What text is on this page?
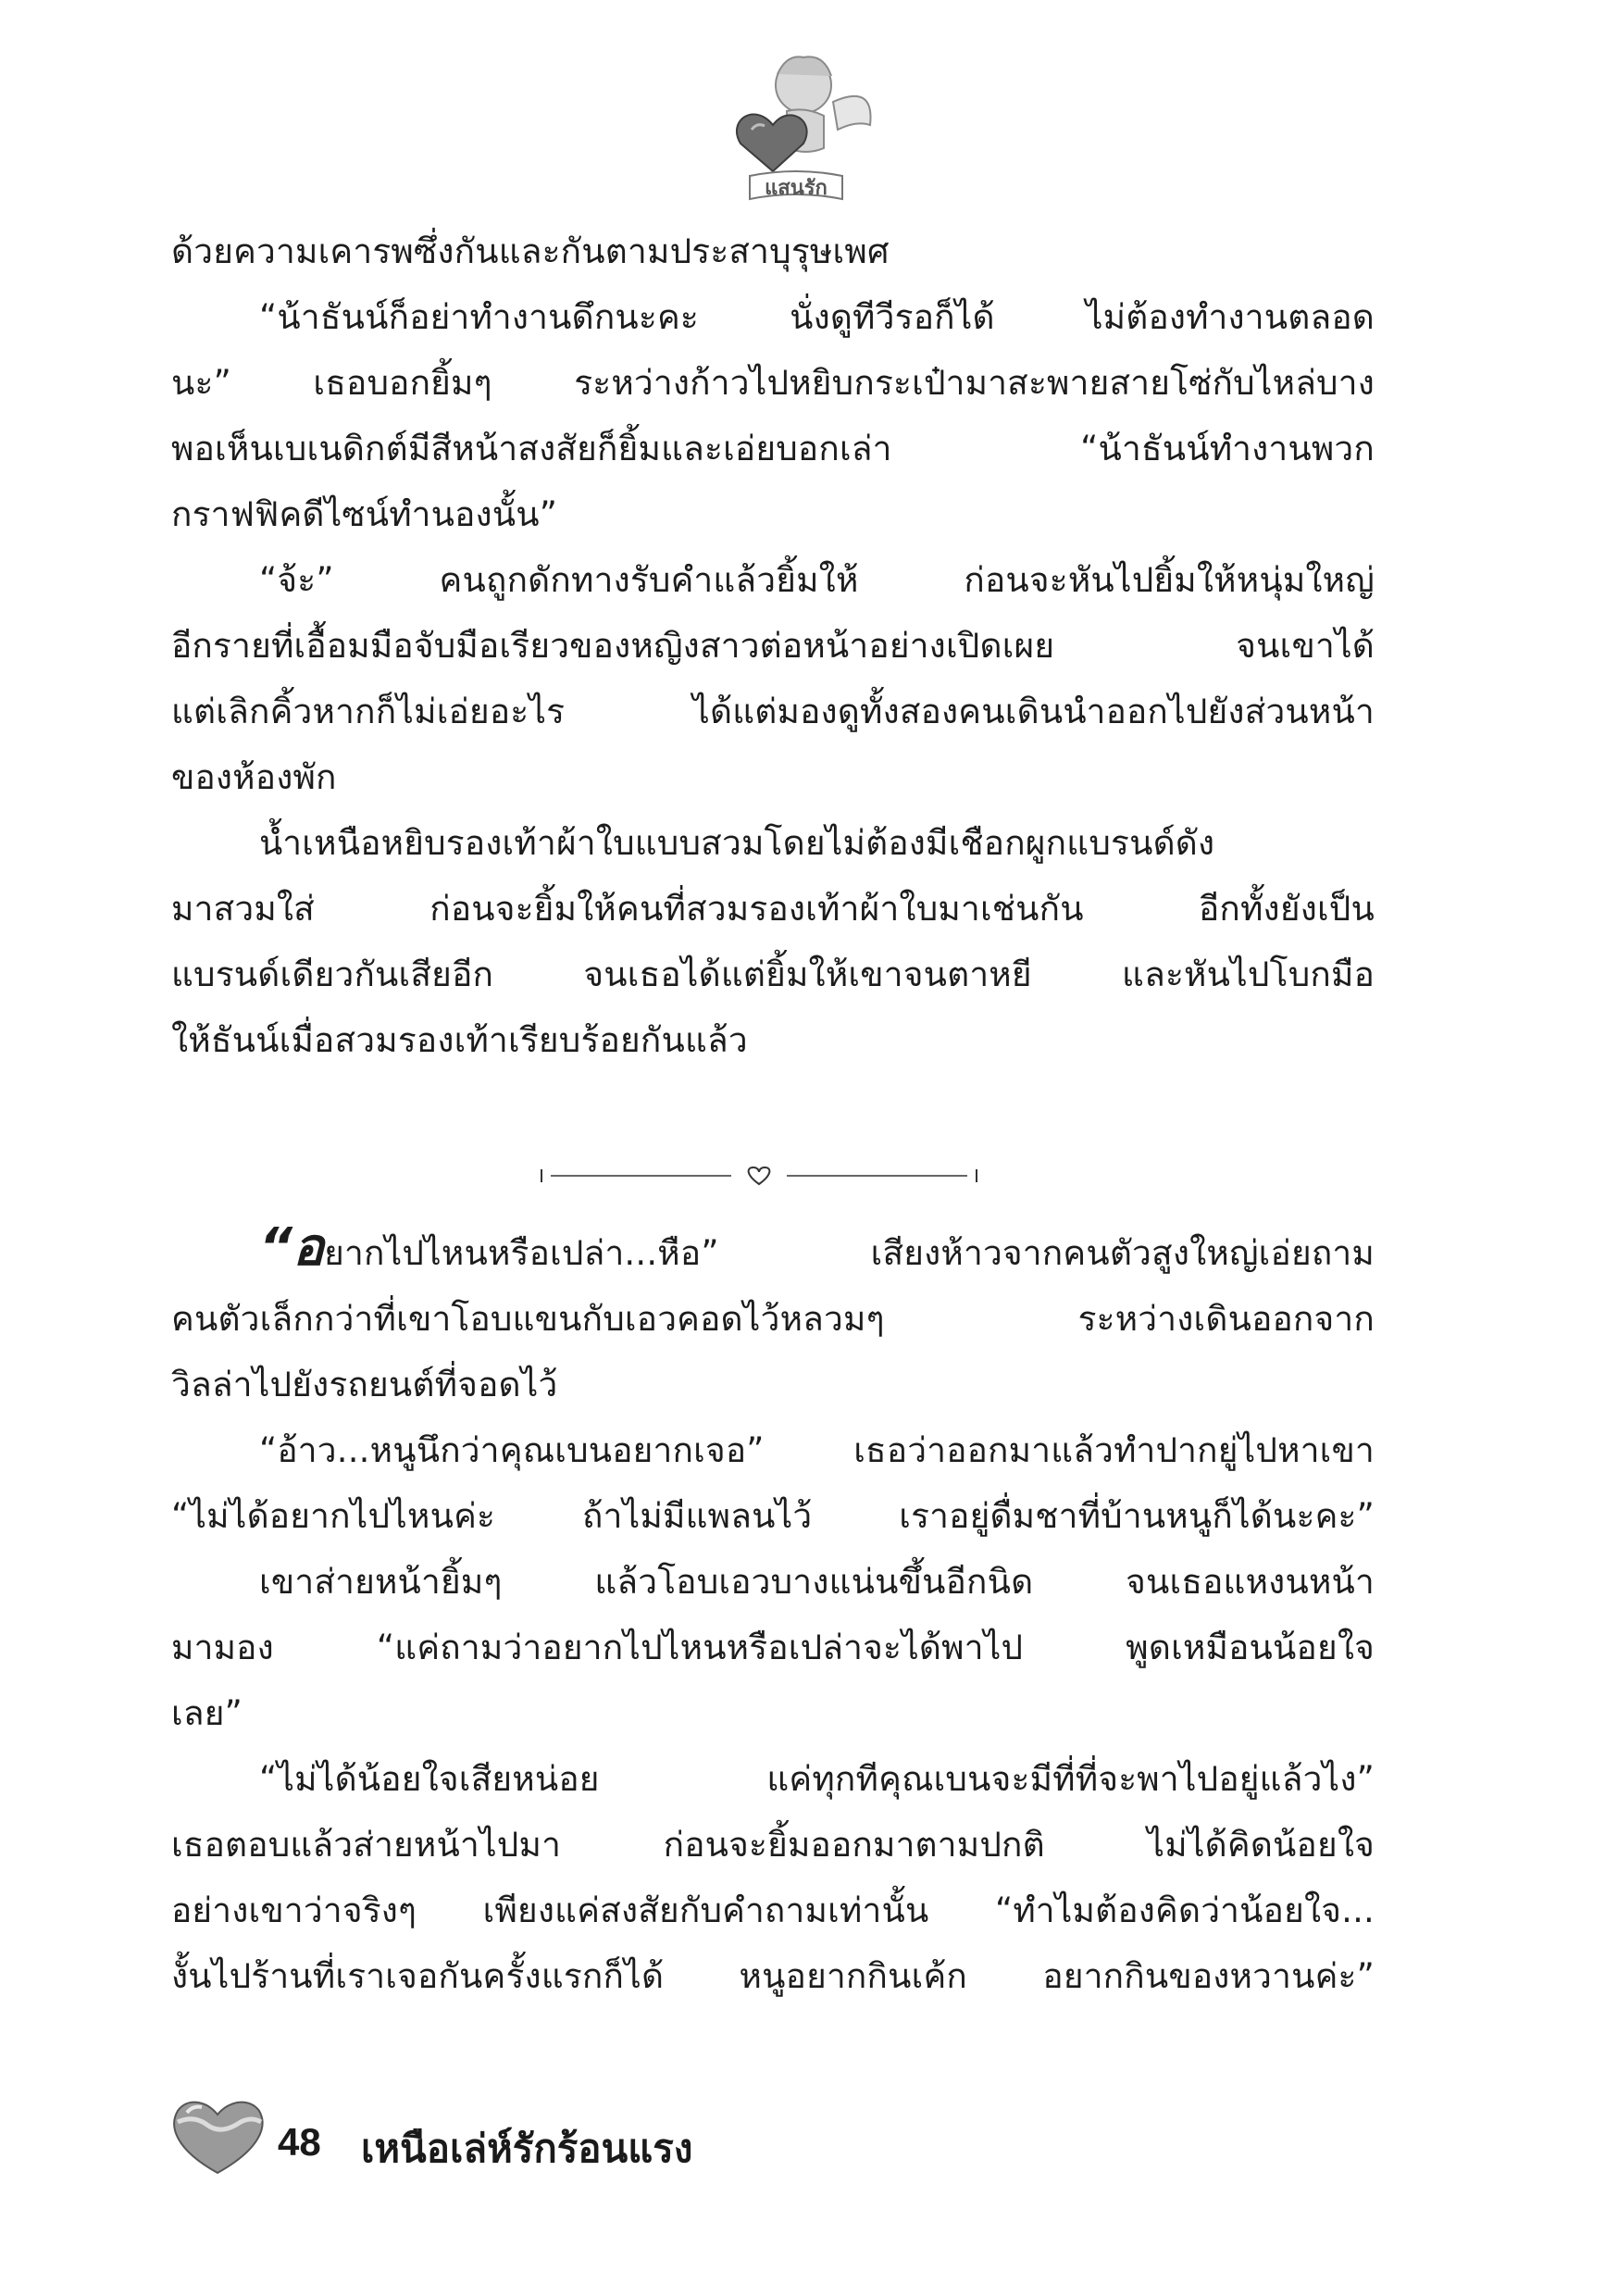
แสนรัก

ด้วยความเคารพซึ่งกันและกันตามประสาบุรุษเพศ

“น้าธันน์ก็อย่าทำงานดึกนะคะ นั่งดูทีวีรอก็ได้ ไม่ต้องทำงานตลอด

นะ” เธอบอกยิ้มๆ ระหว่างก้าวไปหยิบกระเป๋ามาสะพายสายโซ่กับไหล่บาง

พอเห็นเบเนดิกต์มีสีหน้าสงสัยก็ยิ้มและเอ่ยบอกเล่า “น้าธันน์ทำงานพวก

กราฟฟิคดีไซน์ทำนองนั้น”

“จ้ะ” คนถูกดักทางรับคำแล้วยิ้มให้ ก่อนจะหันไปยิ้มให้หนุ่มใหญ่

อีกรายที่เอื้อมมือจับมือเรียวของหญิงสาวต่อหน้าอย่างเปิดเผย จนเขาได้

แต่เลิกคิ้วหากก็ไม่เอ่ยอะไร ได้แต่มองดูทั้งสองคนเดินนำออกไปยังส่วนหน้า

ของห้องพัก

น้ำเหนือหยิบรองเท้าผ้าใบแบบสวมโดยไม่ต้องมีเชือกผูกแบรนด์ดัง

มาสวมใส่ ก่อนจะยิ้มให้คนที่สวมรองเท้าผ้าใบมาเช่นกัน อีกทั้งยังเป็น

แบรนด์เดียวกันเสียอีก จนเธอได้แต่ยิ้มให้เขาจนตาหยี และหันไปโบกมือ

ให้ธันน์เมื่อสวมรองเท้าเรียบร้อยกันแล้ว

“อยากไปไหนหรือเปล่า...หือ” เสียงห้าวจากคนตัวสูงใหญ่เอ่ยถาม

คนตัวเล็กกว่าที่เขาโอบแขนกับเอวคอดไว้หลวมๆ ระหว่างเดินออกจาก

วิลล่าไปยังรถยนต์ที่จอดไว้

“อ้าว...หนูนึกว่าคุณเบนอยากเจอ” เธอว่าออกมาแล้วทำปากยู่ไปหาเขา

“ไม่ได้อยากไปไหนค่ะ ถ้าไม่มีแพลนไว้ เราอยู่ดื่มชาที่บ้านหนูก็ได้นะคะ”

เขาส่ายหน้ายิ้มๆ แล้วโอบเอวบางแน่นขึ้นอีกนิด จนเธอแหงนหน้า

มามอง “แค่ถามว่าอยากไปไหนหรือเปล่าจะได้พาไป พูดเหมือนน้อยใจ

เลย”

“ไม่ได้น้อยใจเสียหน่อย แค่ทุกทีคุณเบนจะมีที่ที่จะพาไปอยู่แล้วไง”

เธอตอบแล้วส่ายหน้าไปมา ก่อนจะยิ้มออกมาตามปกติ ไม่ได้คิดน้อยใจ

อย่างเขาว่าจริงๆ เพียงแค่สงสัยกับคำถามเท่านั้น “ทำไมต้องคิดว่าน้อยใจ...

งั้นไปร้านที่เราเจอกันครั้งแรกก็ได้ หนูอยากกินเค้ก อยากกินของหวานค่ะ”

48 เหนือเล่ห์รักร้อนแรง
